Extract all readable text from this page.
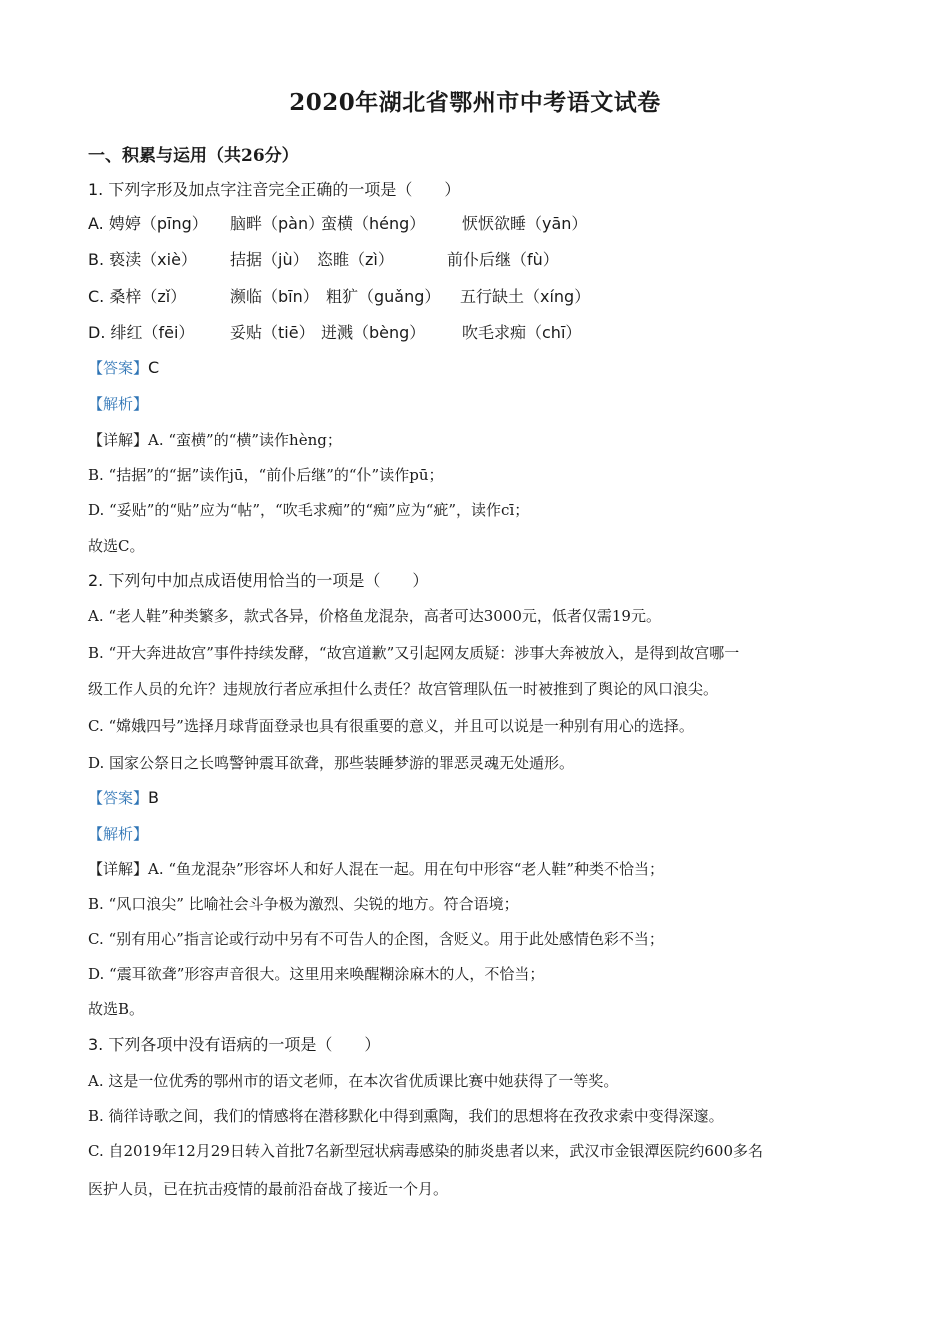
2020年湖北省鄂州市中考语文试卷
一、积累与运用（共26分）
1. 下列字形及加点字注音完全正确的一项是（　　）
A. 娉婷（pīng） 脑畔（pàn）
蛮横（héng） 恹恹欲睡（yān）
B. 亵渎（xiè） 拮据（jù） 恣睢（zì）	前仆后继（fù）
C. 桑梓（zǐ）	濒临（bīn） 粗犷（guǎng） 五行缺土（xíng）
D. 绯红（fēi） 妥贴（tiē） 迸溅（bèng） 吹毛求痴（chī）
【答案】C
【解析】
【详解】A. “蛮横”的“横”读作hèng；
B. “拮据”的“据”读作jū，“前仆后继”的“仆”读作pū；
D. “妥贴”的“贴”应为“帖”，“吹毛求痴”的“痴”应为“疵”，读作cī；
故选C。
2. 下列句中加点成语使用恰当的一项是（　　）
A. “老人鞋”种类繁多，款式各异，价格鱼龙混杂，高者可达3000元，低者仅需19元。
B. “开大奔进故宫”事件持续发酵，“故宫道歉”又引起网友质疑：涉事大奔被放入，是得到故宫哪一
级工作人员的允许？违规放行者应承担什么责任？故宫管理队伍一时被推到了舆论的风口浪尖。
C. “嫦娥四号”选择月球背面登录也具有很重要的意义，并且可以说是一种别有用心的选择。
D. 国家公祭日之长鸣警钟震耳欲聋，那些装睡梦游的罪恶灵魂无处遁形。
【答案】B
【解析】
【详解】A. “鱼龙混杂”形容坏人和好人混在一起。用在句中形容“老人鞋”种类不恰当；
B. “风口浪尖” 比喻社会斗争极为激烈、尖锐的地方。符合语境；
C. “别有用心”指言论或行动中另有不可告人的企图，含贬义。用于此处感情色彩不当；
D. “震耳欲聋”形容声音很大。这里用来唤醒糊涂麻木的人，不恰当；
故选B。
3. 下列各项中没有语病的一项是（　　）
A. 这是一位优秀的鄂州市的语文老师，在本次省优质课比赛中她获得了一等奖。
B. 徜徉诗歌之间，我们的情感将在潜移默化中得到熏陶，我们的思想将在孜孜求索中变得深邃。
C. 自2019年12月29日转入首批7名新型冠状病毒感染的肺炎患者以来，武汉市金银潭医院约600多名
医护人员，已在抗击疫情的最前沿奋战了接近一个月。
